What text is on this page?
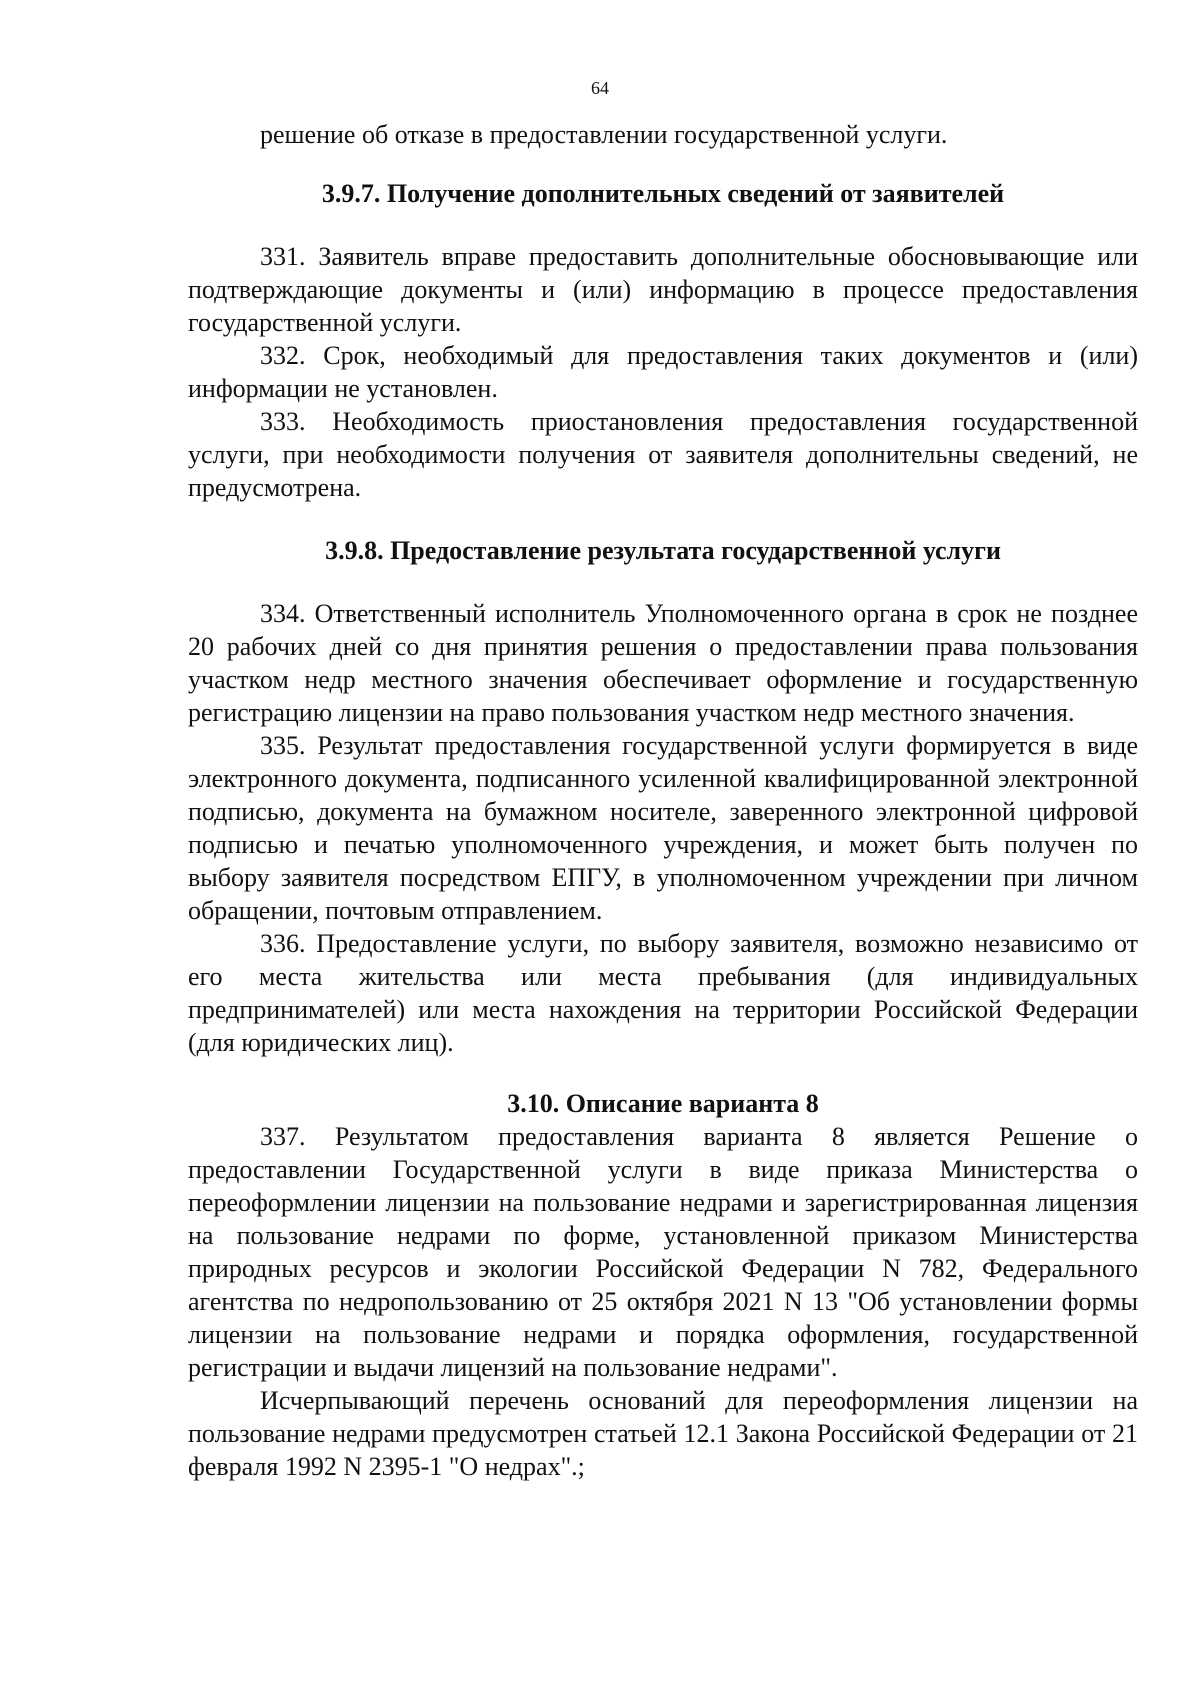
64

решение об отказе в предоставлении государственной услуги.

3.9.7. Получение дополнительных сведений от заявителей

331. Заявитель вправе предоставить дополнительные обосновывающие или подтверждающие документы и (или) информацию в процессе предоставления государственной услуги.

332. Срок, необходимый для предоставления таких документов и (или) информации не установлен.

333. Необходимость приостановления предоставления государственной услуги, при необходимости получения от заявителя дополнительны сведений, не предусмотрена.

3.9.8. Предоставление результата государственной услуги

334. Ответственный исполнитель Уполномоченного органа в срок не позднее 20 рабочих дней со дня принятия решения о предоставлении права пользования участком недр местного значения обеспечивает оформление и государственную регистрацию лицензии на право пользования участком недр местного значения.

335. Результат предоставления государственной услуги формируется в виде электронного документа, подписанного усиленной квалифицированной электронной подписью, документа на бумажном носителе, заверенного электронной цифровой подписью и печатью уполномоченного учреждения, и может быть получен по выбору заявителя посредством ЕПГУ, в уполномоченном учреждении при личном обращении, почтовым отправлением.

336. Предоставление услуги, по выбору заявителя, возможно независимо от его места жительства или места пребывания (для индивидуальных предпринимателей) или места нахождения на территории Российской Федерации (для юридических лиц).

3.10. Описание варианта 8

337. Результатом предоставления варианта 8 является Решение о предоставлении Государственной услуги в виде приказа Министерства о переоформлении лицензии на пользование недрами и зарегистрированная лицензия на пользование недрами по форме, установленной приказом Министерства природных ресурсов и экологии Российской Федерации N 782, Федерального агентства по недропользованию от 25 октября 2021 N 13 "Об установлении формы лицензии на пользование недрами и порядка оформления, государственной регистрации и выдачи лицензий на пользование недрами".

Исчерпывающий перечень оснований для переоформления лицензии на пользование недрами предусмотрен статьей 12.1 Закона Российской Федерации от 21 февраля 1992 N 2395-1 "О недрах".;
